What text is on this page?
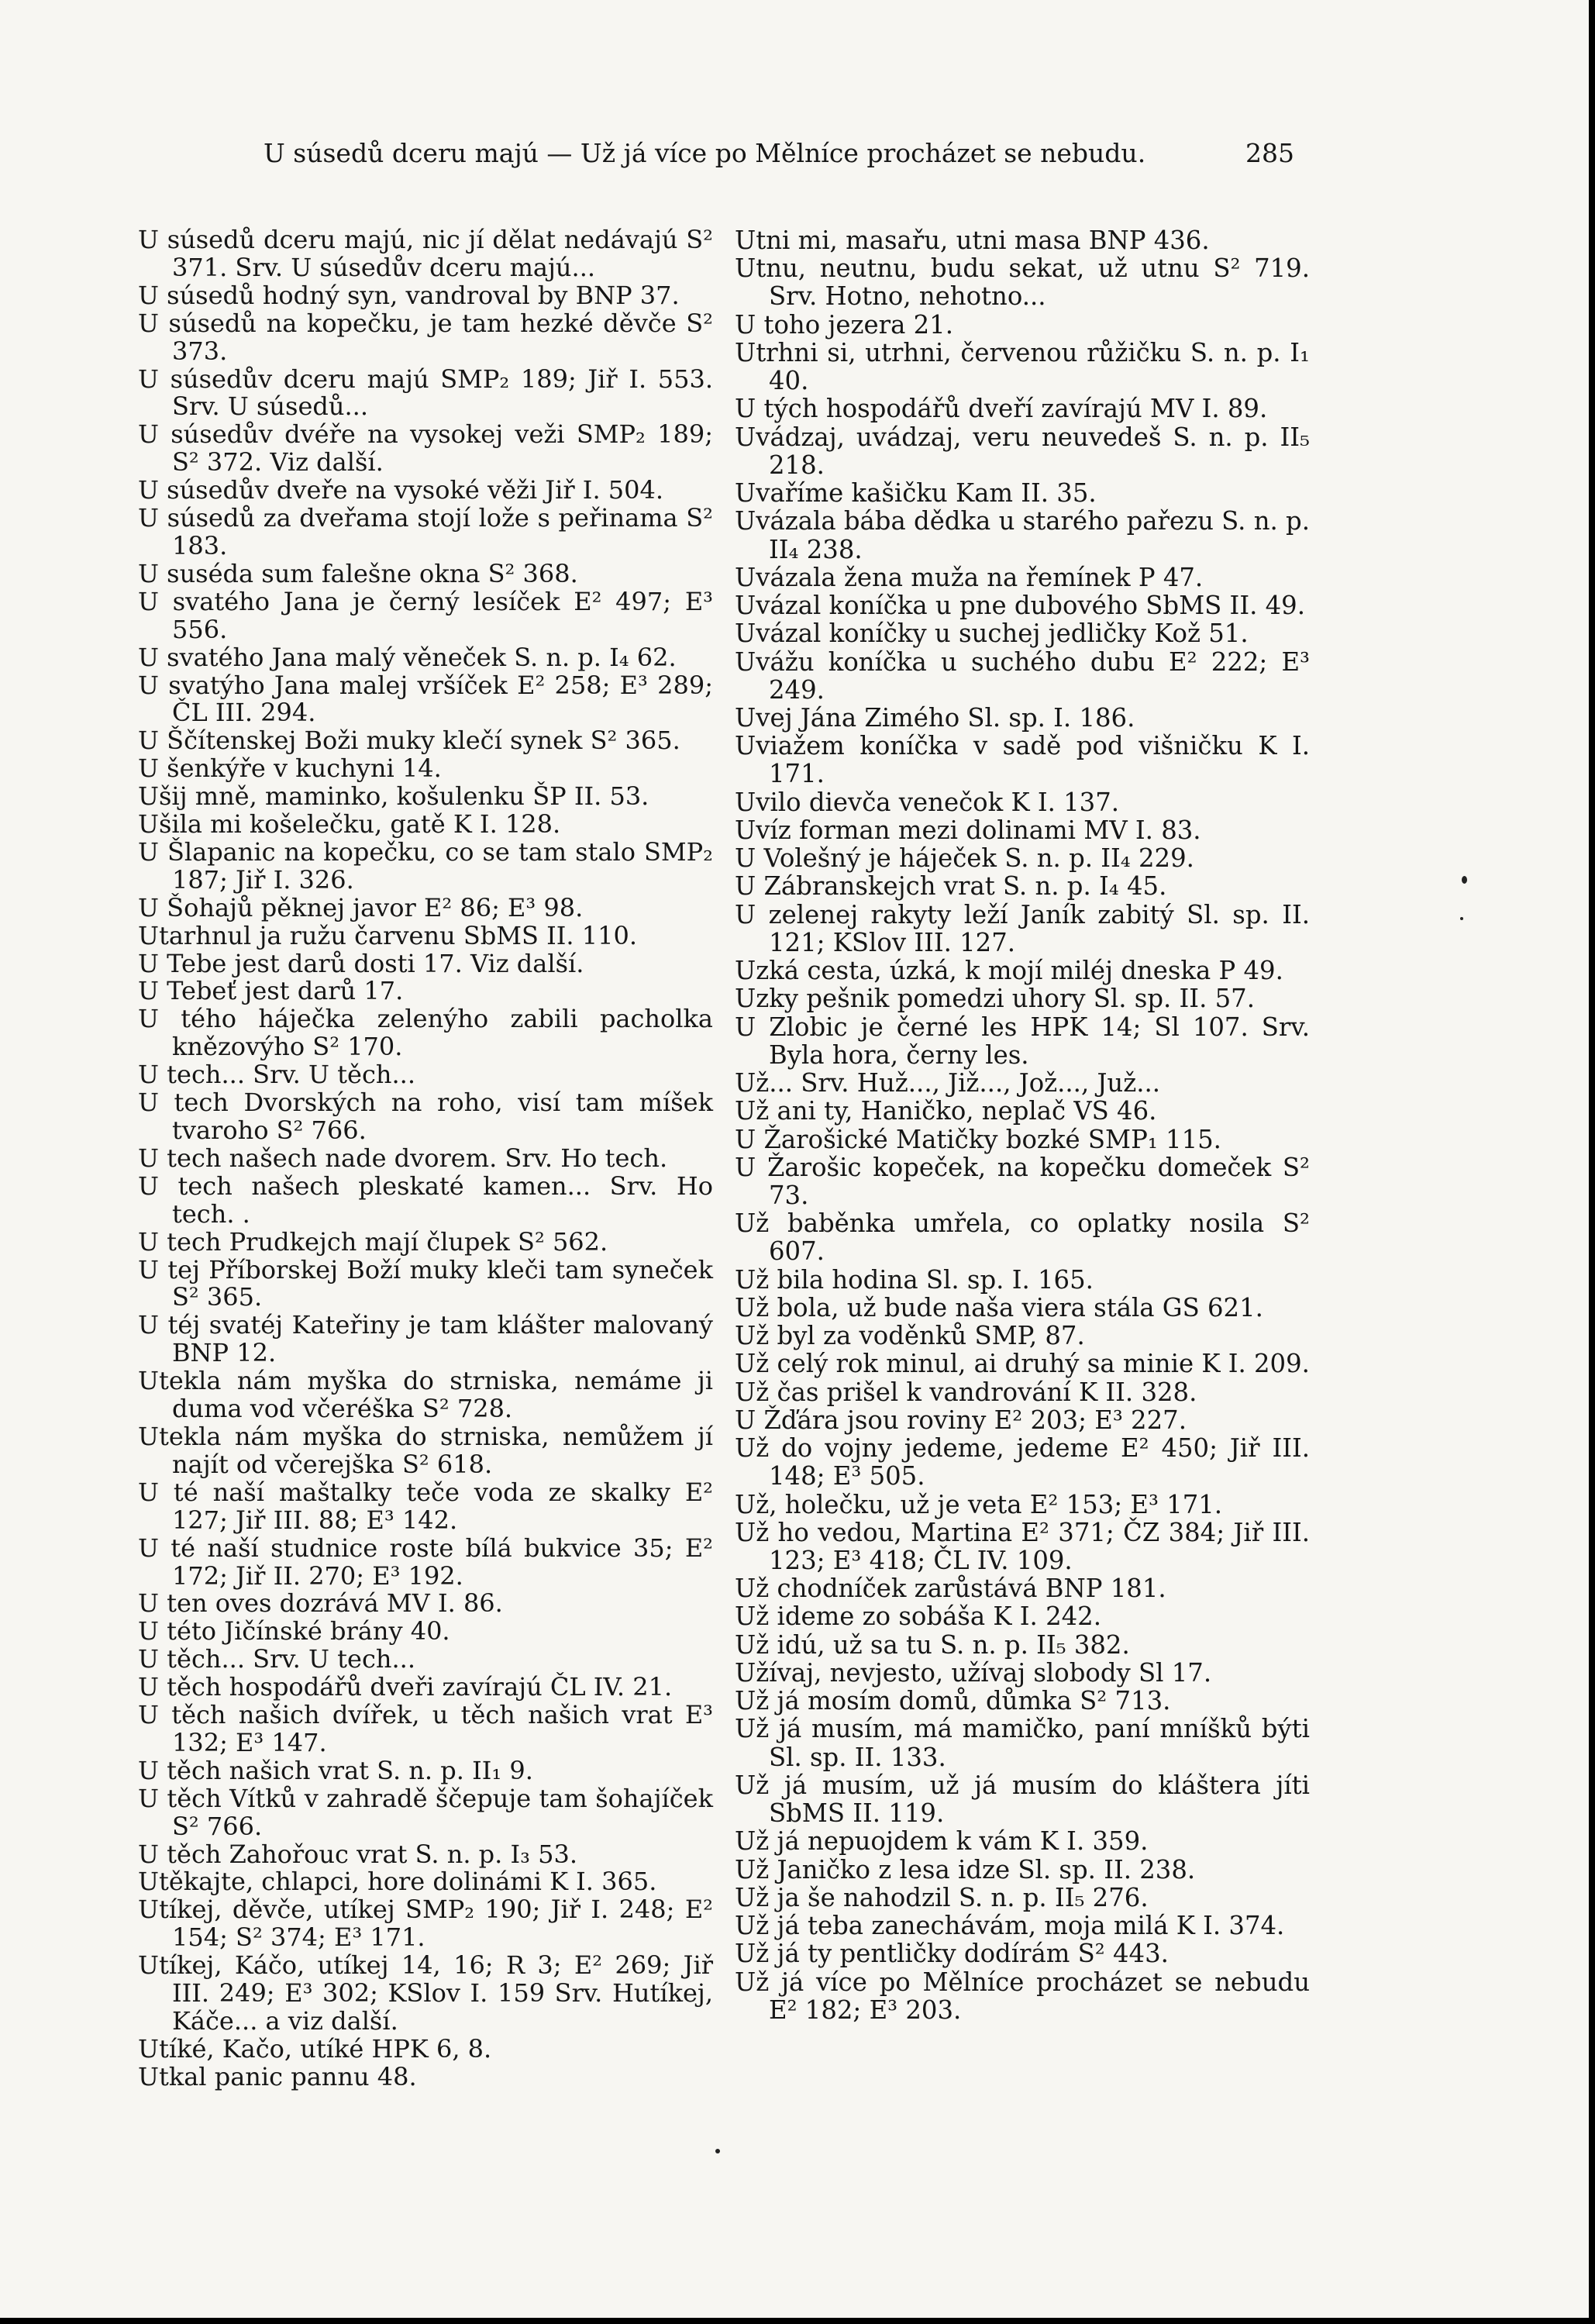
U súsedů dceru majú — Už já více po Mělníce procházet se nebudu.	285

U súsedů dceru majú, nic jí dělat nedávajú S² 371. Srv. U súsedův dceru majú...

U súsedů hodný syn, vandroval by BNP 37.

U súsedů na kopečku, je tam hezké děvče S² 373.

U súsedův dceru majú SMP₂ 189; Jiř I. 553. Srv. U súsedů...

U súsedův dvéře na vysokej veži SMP₂ 189; S² 372. Viz další.

U súsedův dveře na vysoké věži Jiř I. 504.

U súsedů za dveřama stojí lože s peřinama S² 183.

U suséda sum falešne okna S² 368.

U svatého Jana je černý lesíček E² 497; E³ 556.

U svatého Jana malý věneček S. n. p. I₄ 62.

U svatýho Jana malej vršíček E² 258; E³ 289; ČL III. 294.

U Ščítenskej Boži muky klečí synek S² 365.

U šenkýře v kuchyni 14.

Ušij mně, maminko, košulenku ŠP II. 53.

Ušila mi košelečku, gatě K I. 128.

U Šlapanic na kopečku, co se tam stalo SMP₂ 187; Jiř I. 326.

U Šohajů pěknej javor E² 86; E³ 98.

Utarhnul ja ružu čarvenu SbMS II. 110.

U Tebe jest darů dosti 17. Viz další.

U Tebeť jest darů 17.

U tého háječka zelenýho zabili pacholka knězovýho S² 170.

U tech... Srv. U těch...

U tech Dvorských na roho, visí tam míšek tvaroho S² 766.

U tech našech nade dvorem. Srv. Ho tech.

U tech našech pleskaté kamen... Srv. Ho tech. .

U tech Prudkejch mají člupek S² 562.

U tej Příborskej Boží muky kleči tam synеček S² 365.

U téj svatéj Kateřiny je tam klášter malovaný BNP 12.

Utekla nám myška do strniska, nemáme ji duma vod včeréška S² 728.

Utekla nám myška do strniska, nemůžem jí najít od včerejška S² 618.

U té naší maštalky teče voda ze skalky E² 127; Jiř III. 88; E³ 142.

U té naší studnice roste bílá bukvice 35; E² 172; Jiř II. 270; E³ 192.

U ten oves dozrává MV I. 86.

U této Jičínské brány 40.

U těch... Srv. U tech...

U těch hospodářů dveři zavírajú ČL IV. 21.

U těch našich dvířek, u těch našich vrat E³ 132; E³ 147.

U těch našich vrat S. n. p. II₁ 9.

U těch Vítků v zahradě ščepuje tam šohajíček S² 766.

U těch Zahořouc vrat S. n. p. I₃ 53.

Utěkajte, chlapci, hore dolinámi K I. 365.

Utíkej, děvče, utíkej SMP₂ 190; Jiř I. 248; E² 154; S² 374; E³ 171.

Utíkej, Káčo, utíkej 14, 16; R 3; E² 269; Jiř III. 249; E³ 302; KSlov I. 159 Srv. Hutíkej, Káče... a viz další.

Utíké, Kačo, utíké HPK 6, 8.

Utkal panic pannu 48.

Utni mi, masařu, utni masa BNP 436.

Utnu, neutnu, budu sekat, už utnu S² 719. Srv. Hotno, nehotno...

U toho jezera 21.

Utrhni si, utrhni, červenou růžičku S. n. p. I₁ 40.

U tých hospodářů dveří zavírajú MV I. 89.

Uvádzaj, uvádzaj, veru neuvedeš S. n. p. II₅ 218.

Uvaříme kašičku Kam II. 35.

Uvázala bába dědka u starého pařezu S. n. p. II₄ 238.

Uvázala žena muža na řemínek P 47.

Uvázal koníčka u pne dubového SbMS II. 49.

Uvázal koníčky u suchej jedličky Kož 51.

Uvážu koníčka u suchého dubu E² 222; E³ 249.

Uvej Jána Zimého Sl. sp. I. 186.

Uviažem koníčka v sadě pod višničku K I. 171.

Uvilo dievča venečok K I. 137.

Uvíz forman mezi dolinami MV I. 83.

U Volešný je háječek S. n. p. II₄ 229.

U Zábranskejch vrat S. n. p. I₄ 45.

U zelenej rakyty leží Janík zabitý Sl. sp. II. 121; KSlov III. 127.

Uzká cesta, úzká, k mojí miléj dneska P 49.

Uzky pešnik pomedzi uhory Sl. sp. II. 57.

U Zlobic je černé les HPK 14; Sl 107. Srv. Byla hora, černy les.

Už... Srv. Huž..., Již..., Jož..., Juž...

Už ani ty, Haničko, neplač VS 46.

U Žarošické Matičky bozké SMP₁ 115.

U Žarošic kopeček, na kopečku domeček S² 73.

Už baběnka umřela, co oplatky nosila S² 607.

Už bila hodina Sl. sp. I. 165.

Už bola, už bude naša viera stála GS 621.

Už byl za voděnků SMP, 87.

Už celý rok minul, ai druhý sa minie K I. 209.

Už čas prišel k vandrování K II. 328.

U Žďára jsou roviny E² 203; E³ 227.

Už do vojny jedeme, jedeme E² 450; Jiř III. 148; E³ 505.

Už, holečku, už je veta E² 153; E³ 171.

Už ho vedou, Martina E² 371; ČZ 384; Jiř III. 123; E³ 418; ČL IV. 109.

Už chodníček zarůstává BNP 181.

Už ideme zo sobáša K I. 242.

Už idú, už sa tu S. n. p. II₅ 382.

Užívaj, nevjesto, užívaj slobody Sl 17.

Už já mosím domů, důmka S² 713.

Už já musím, má mamičko, paní mníšků býti Sl. sp. II. 133.

Už já musím, už já musím do kláštera jíti SbMS II. 119.

Už já nepuojdem k vám K I. 359.

Už Janičko z lesa idze Sl. sp. II. 238.

Už ja še nahodzil S. n. p. II₅ 276.

Už já teba zanechávám, moja milá K I. 374.

Už já ty pentličky dodírám S² 443.

Už já více po Mělníce procházet se nebudu E² 182; E³ 203.
